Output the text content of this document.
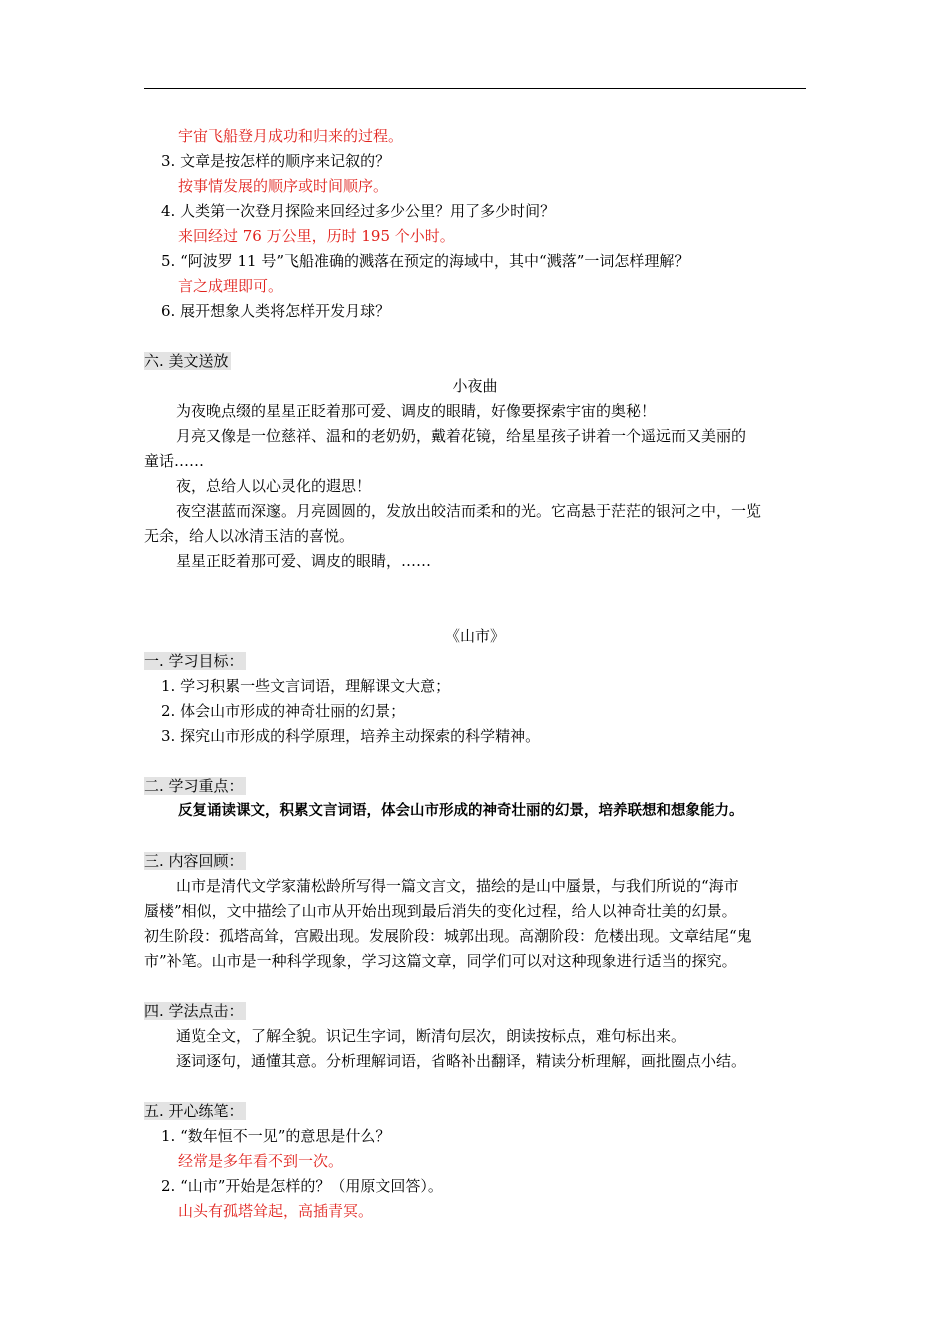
宇宙飞船登月成功和归来的过程。
3. 文章是按怎样的顺序来记叙的？
按事情发展的顺序或时间顺序。
4. 人类第一次登月探险来回经过多少公里？用了多少时间？
来回经过 76 万公里，历时 195 个小时。
5. “阿波罗 11 号”飞船准确的溅落在预定的海域中，其中“溅落”一词怎样理解？
言之成理即可。
6. 展开想象人类将怎样开发月球？
六. 美文送放
小夜曲
为夜晚点缀的星星正眨着那可爱、调皮的眼睛，好像要探索宇宙的奥秘！
月亮又像是一位慈祥、温和的老奶奶，戴着花镜，给星星孩子讲着一个遥远而又美丽的
童话……
夜，总给人以心灵化的遐思！
夜空湛蓝而深邃。月亮圆圆的，发放出皎洁而柔和的光。它高悬于茫茫的银河之中，一览
无余，给人以冰清玉洁的喜悦。
星星正眨着那可爱、调皮的眼睛，……
《山市》
一. 学习目标：
1. 学习积累一些文言词语，理解课文大意；
2. 体会山市形成的神奇壮丽的幻景；
3. 探究山市形成的科学原理，培养主动探索的科学精神。
二. 学习重点：
反复诵读课文，积累文言词语，体会山市形成的神奇壮丽的幻景，培养联想和想象能力。
三. 内容回顾：
山市是清代文学家蒲松龄所写得一篇文言文，描绘的是山中蜃景，与我们所说的“海市
蜃楼”相似，文中描绘了山市从开始出现到最后消失的变化过程，给人以神奇壮美的幻景。
初生阶段：孤塔高耸，宫殿出现。发展阶段：城郭出现。高潮阶段：危楼出现。文章结尾“鬼
市”补笔。山市是一种科学现象，学习这篇文章，同学们可以对这种现象进行适当的探究。
四. 学法点击：
通览全文，了解全貌。识记生字词，断清句层次，朗读按标点，难句标出来。
逐词逐句，通懂其意。分析理解词语，省略补出翻译，精读分析理解，画批圈点小结。
五. 开心练笔：
1. “数年恒不一见”的意思是什么？
经常是多年看不到一次。
2. “山市”开始是怎样的？（用原文回答）。
山头有孤塔耸起，高插青冥。
